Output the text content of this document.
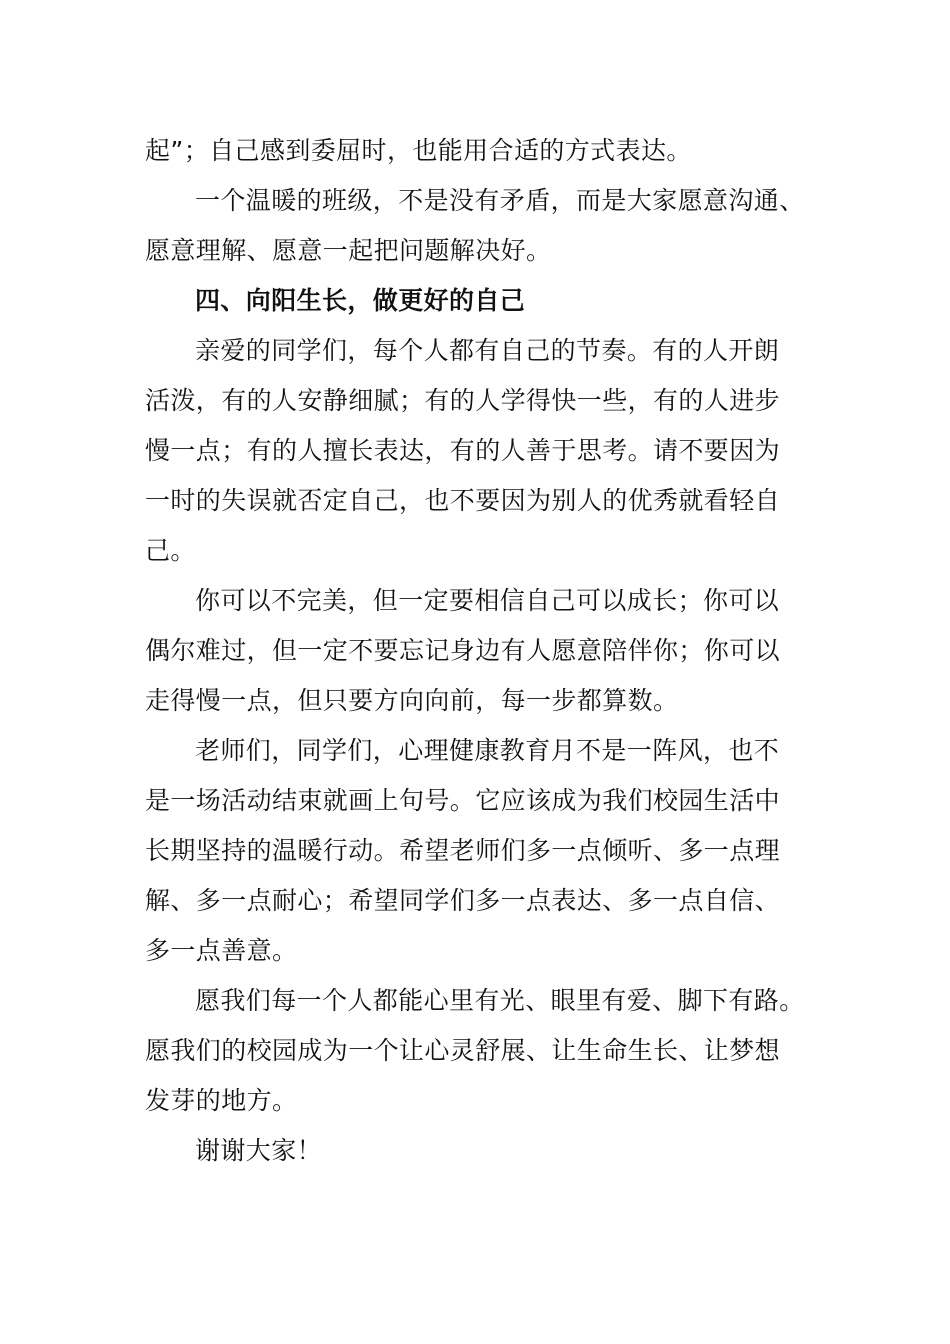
起”；自己感到委屈时，也能用合适的方式表达。
一个温暖的班级，不是没有矛盾，而是大家愿意沟通、
愿意理解、愿意一起把问题解决好。
四、向阳生长，做更好的自己
亲爱的同学们，每个人都有自己的节奏。有的人开朗
活泼，有的人安静细腻；有的人学得快一些，有的人进步
慢一点；有的人擅长表达，有的人善于思考。请不要因为
一时的失误就否定自己，也不要因为别人的优秀就看轻自
己。
你可以不完美，但一定要相信自己可以成长；你可以
偶尔难过，但一定不要忘记身边有人愿意陪伴你；你可以
走得慢一点，但只要方向向前，每一步都算数。
老师们，同学们，心理健康教育月不是一阵风，也不
是一场活动结束就画上句号。它应该成为我们校园生活中
长期坚持的温暖行动。希望老师们多一点倾听、多一点理
解、多一点耐心；希望同学们多一点表达、多一点自信、
多一点善意。
愿我们每一个人都能心里有光、眼里有爱、脚下有路。
愿我们的校园成为一个让心灵舒展、让生命生长、让梦想
发芽的地方。
谢谢大家！
